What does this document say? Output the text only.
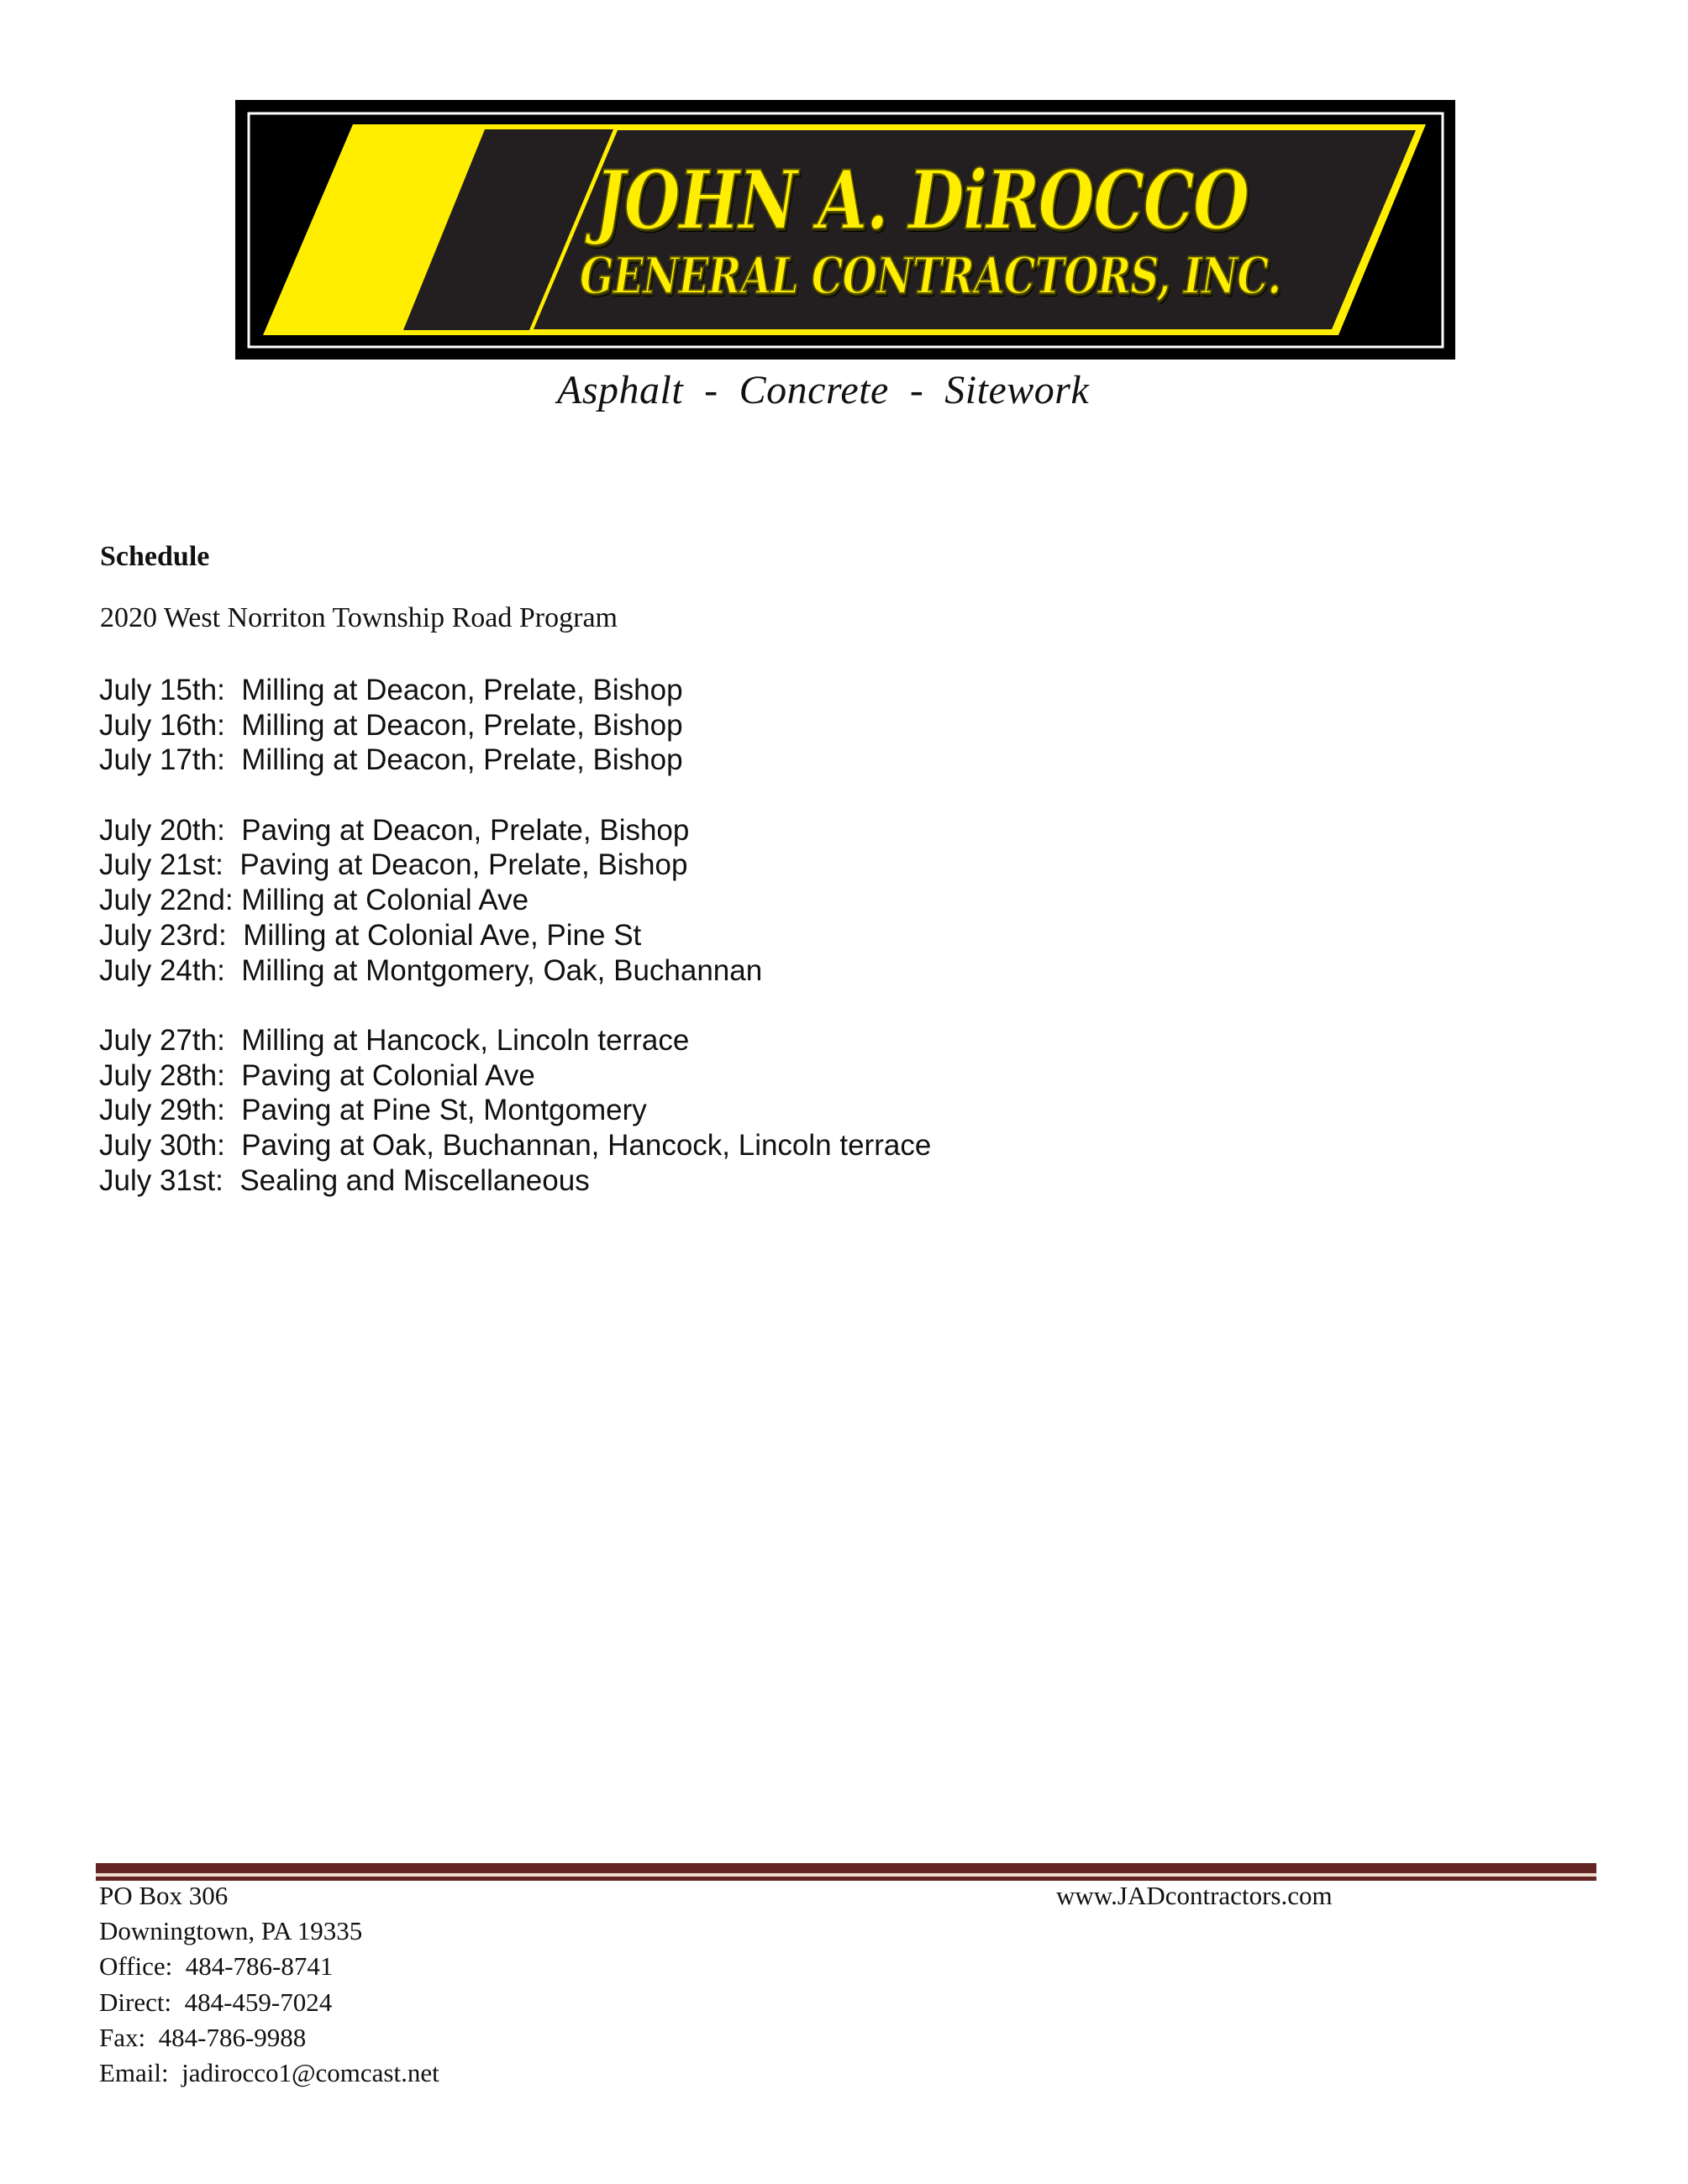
JOHN A. DiROCCO
GENERAL CONTRACTORS, INC.
Asphalt  -  Concrete  -  Sitework
Schedule
2020 West Norriton Township Road Program
July 15th: Milling at Deacon, Prelate, Bishop
July 16th: Milling at Deacon, Prelate, Bishop
July 17th: Milling at Deacon, Prelate, Bishop
July 20th: Paving at Deacon, Prelate, Bishop
July 21st: Paving at Deacon, Prelate, Bishop
July 22nd: Milling at Colonial Ave
July 23rd: Milling at Colonial Ave, Pine St
July 24th: Milling at Montgomery, Oak, Buchannan
July 27th: Milling at Hancock, Lincoln terrace
July 28th: Paving at Colonial Ave
July 29th: Paving at Pine St, Montgomery
July 30th: Paving at Oak, Buchannan, Hancock, Lincoln terrace
July 31st: Sealing and Miscellaneous
PO Box 306
Downingtown, PA 19335
Office: 484-786-8741
Direct: 484-459-7024
Fax: 484-786-9988
Email: jadirocco1@comcast.net
www.JADcontractors.com
